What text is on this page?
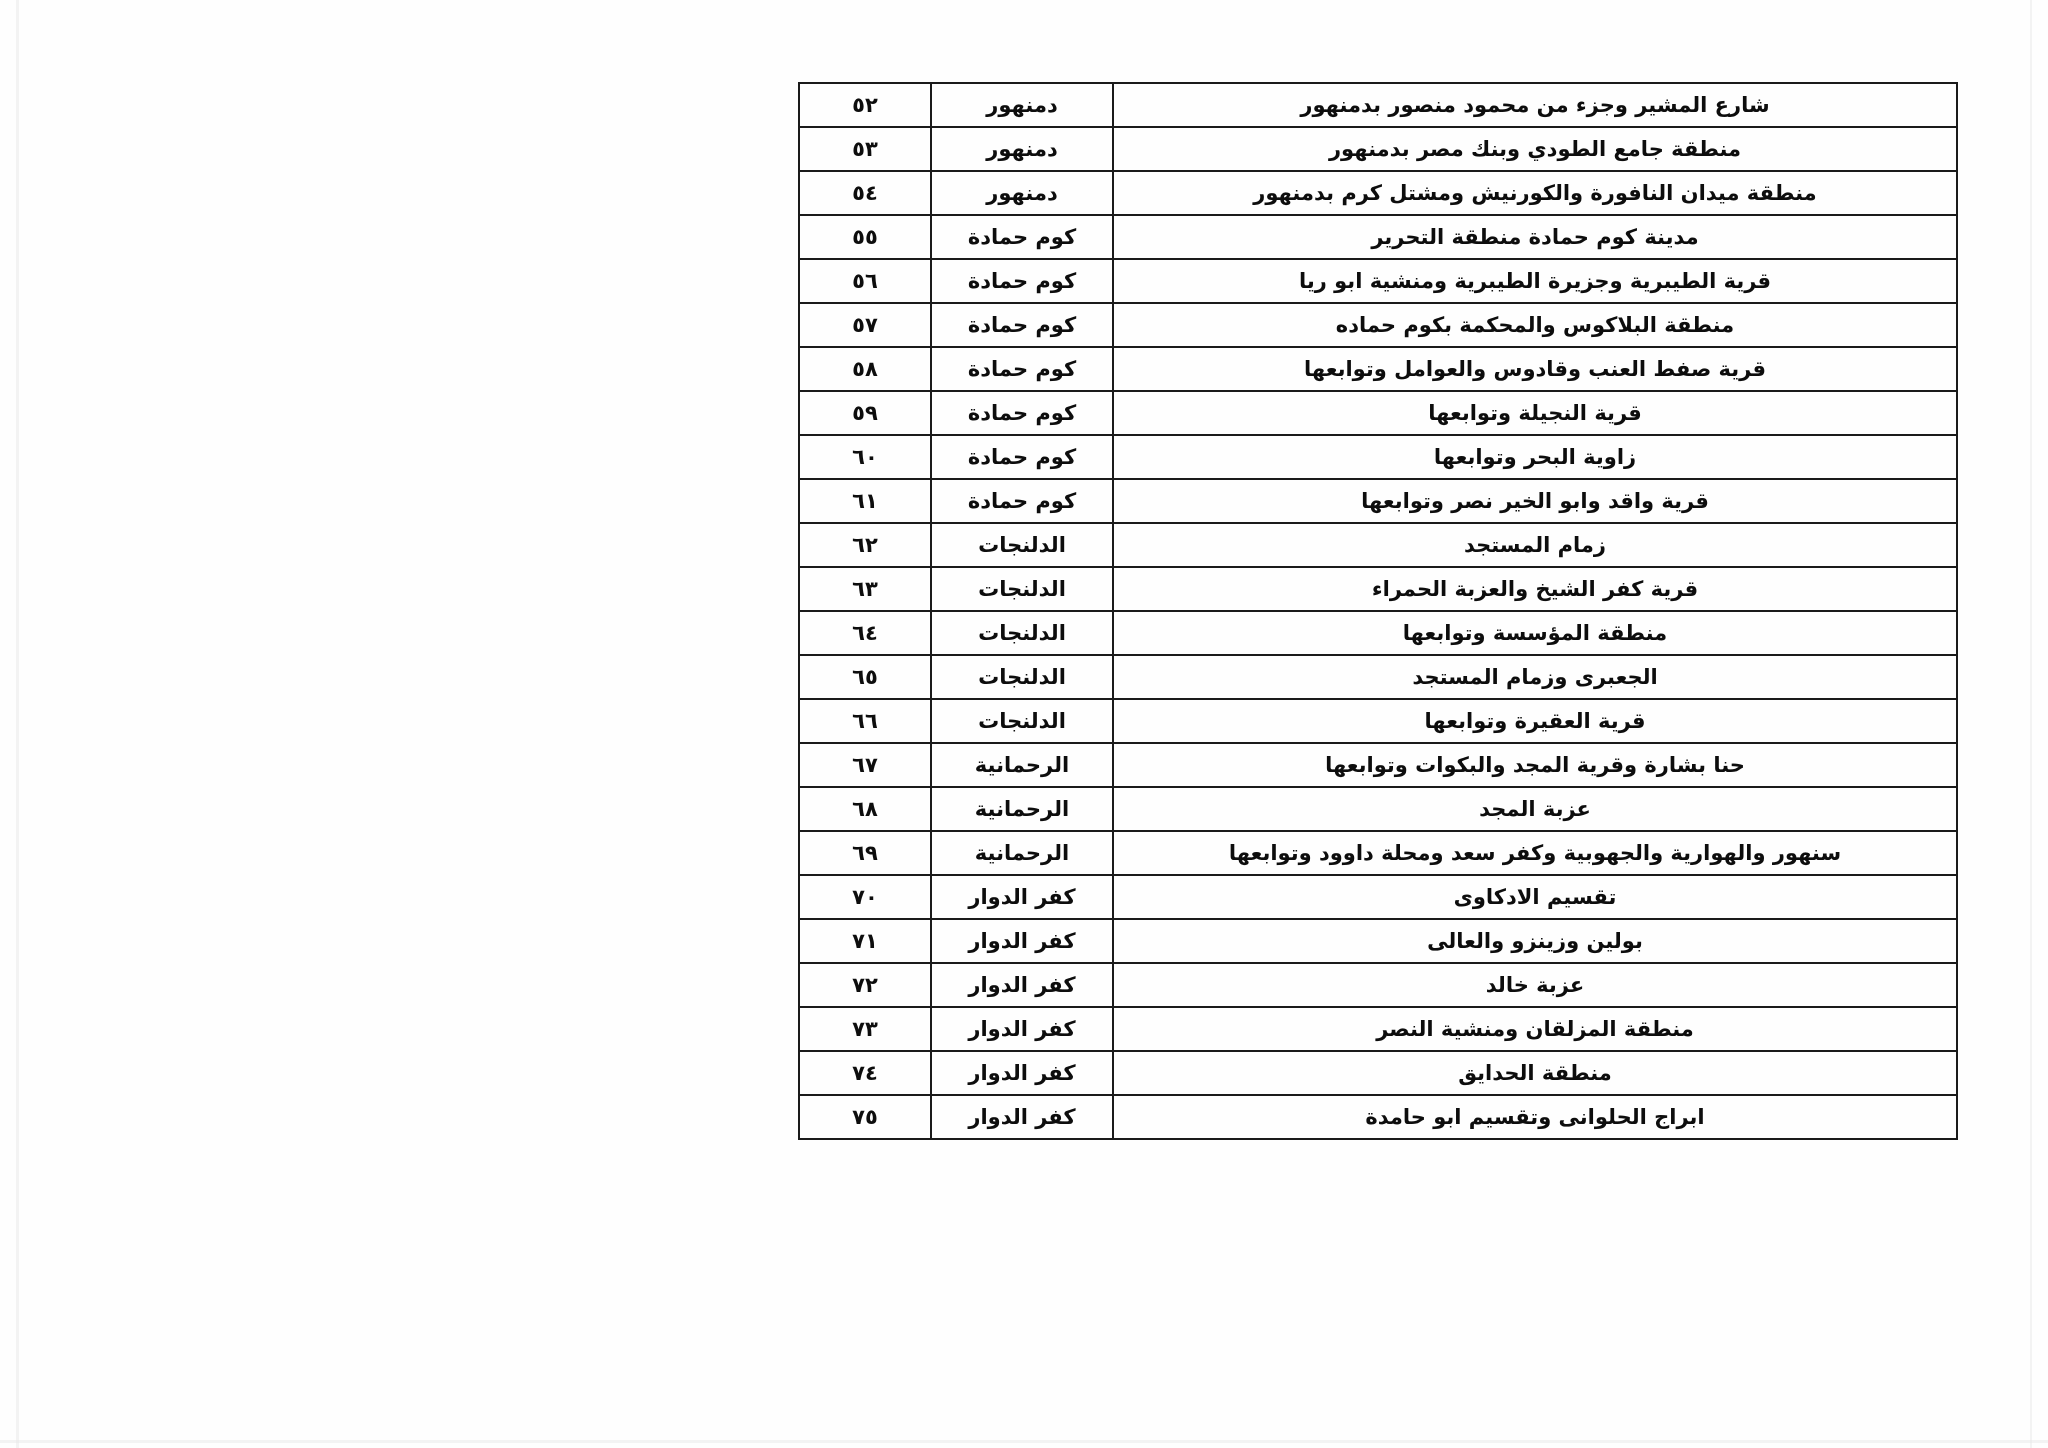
شارع المشير وجزء من محمود منصور بدمنهور	دمنهور	٥٢
منطقة جامع الطودي وبنك مصر بدمنهور	دمنهور	٥٣
منطقة ميدان النافورة والكورنيش ومشتل كرم بدمنهور	دمنهور	٥٤
مدينة كوم حمادة منطقة التحرير	كوم حمادة	٥٥
قرية الطيبرية وجزيرة الطيبرية ومنشية ابو ريا	كوم حمادة	٥٦
منطقة البلاكوس والمحكمة بكوم حماده	كوم حمادة	٥٧
قرية صفط العنب وقادوس والعوامل وتوابعها	كوم حمادة	٥٨
قرية النجيلة وتوابعها	كوم حمادة	٥٩
زاوية البحر وتوابعها	كوم حمادة	٦٠
قرية واقد وابو الخير نصر وتوابعها	كوم حمادة	٦١
زمام المستجد	الدلنجات	٦٢
قرية كفر الشيخ والعزبة الحمراء	الدلنجات	٦٣
منطقة المؤسسة وتوابعها	الدلنجات	٦٤
الجعبرى وزمام المستجد	الدلنجات	٦٥
قرية العقيرة وتوابعها	الدلنجات	٦٦
حنا بشارة وقرية المجد والبكوات وتوابعها	الرحمانية	٦٧
عزبة المجد	الرحمانية	٦٨
سنهور والهوارية والجهوبية وكفر سعد ومحلة داوود وتوابعها	الرحمانية	٦٩
تقسيم الادكاوى	كفر الدوار	٧٠
بولين وزينزو والعالى	كفر الدوار	٧١
عزبة خالد	كفر الدوار	٧٢
منطقة المزلقان ومنشية النصر	كفر الدوار	٧٣
منطقة الحدايق	كفر الدوار	٧٤
ابراج الحلوانى وتقسيم ابو حامدة	كفر الدوار	٧٥
